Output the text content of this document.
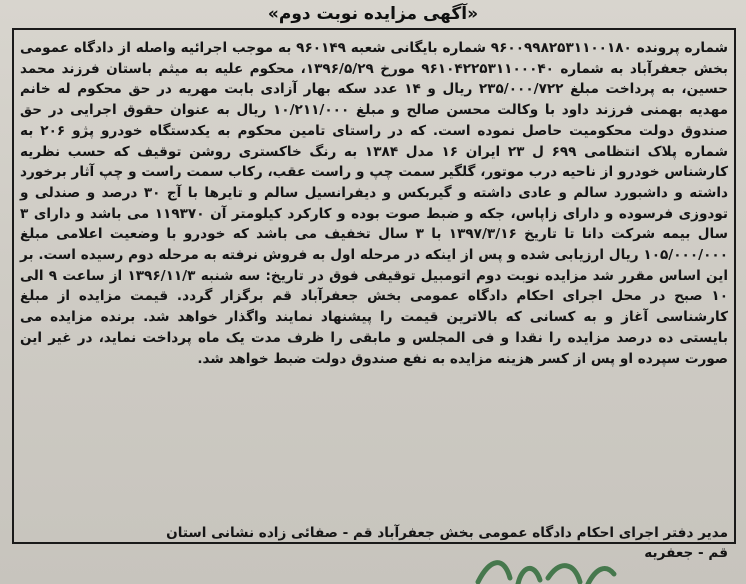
«آگهی مزایده نوبت دوم»

شماره پرونده ۹۶۰۰۹۹۸۲۵۳۱۱۰۰۱۸۰ شماره بایگانی شعبه ۹۶۰۱۴۹ به موجب اجرائیه واصله از دادگاه عمومی بخش جعفرآباد به شماره ۹۶۱۰۴۲۲۵۳۱۱۰۰۰۴۰ مورخ ۱۳۹۶/۵/۲۹، محکوم علیه به میثم باستان فرزند محمد حسین، به پرداخت مبلغ ۲۳۵/۰۰۰/۷۲۲ ریال و ۱۴ عدد سکه بهار آزادی بابت مهریه در حق محکوم له خانم مهدیه بهمنی فرزند داود با وکالت محسن صالح و مبلغ ۱۰/۲۱۱/۰۰۰ ریال به عنوان حقوق اجرایی در حق صندوق دولت محکومیت حاصل نموده است. که در راستای تامین محکوم به یکدستگاه خودرو پژو ۲۰۶ به شماره پلاک انتظامی ۶۹۹ ل ۲۳ ایران ۱۶ مدل ۱۳۸۴ به رنگ خاکستری روشن توقیف که حسب نظریه کارشناس خودرو از ناحیه درب موتور، گلگیر سمت چپ و راست عقب، رکاب سمت راست و چپ آثار برخورد داشته و داشبورد سالم و عادی داشته و گیربکس و دیفرانسیل سالم و تایرها با آج ۳۰ درصد و صندلی و تودوزی فرسوده و دارای زاپاس، جکه و ضبط صوت بوده و کارکرد کیلومتر آن ۱۱۹۳۷۰ می باشد و دارای ۳ سال بیمه شرکت دانا تا تاریخ ۱۳۹۷/۳/۱۶ با ۳ سال تخفیف می باشد که خودرو با وضعیت اعلامی مبلغ ۱۰۵/۰۰۰/۰۰۰ ریال ارزیابی شده و پس از اینکه در مرحله اول به فروش نرفته به مرحله دوم رسیده است. بر این اساس مقرر شد مزایده نوبت دوم اتومبیل توقیفی فوق در تاریخ: سه شنبه ۱۳۹۶/۱۱/۳ از ساعت ۹ الی ۱۰ صبح در محل اجرای احکام دادگاه عمومی بخش جعفرآباد قم برگزار گردد. قیمت مزایده از مبلغ کارشناسی آغاز و به کسانی که بالاترین قیمت را پیشنهاد نمایند واگذار خواهد شد. برنده مزایده می بایستی ده درصد مزایده را نقدا و فی المجلس و مابقی را ظرف مدت یک ماه پرداخت نماید، در غیر این صورت سپرده او پس از کسر هزینه مزایده به نفع صندوق دولت ضبط خواهد شد.

مدیر دفتر اجرای احکام دادگاه عمومی بخش جعفرآباد قم - صفائی زاده نشانی استان
قم - جعفریه
